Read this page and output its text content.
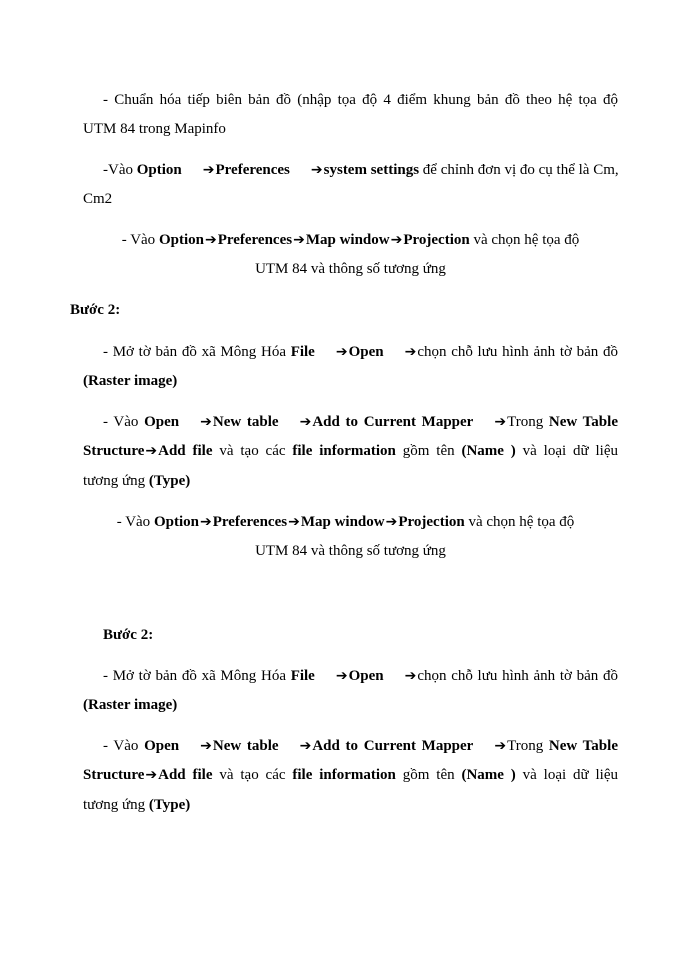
- Chuẩn hóa tiếp biên bản đồ (nhập tọa độ 4 điểm khung bản đồ theo hệ tọa độ
UTM 84 trong Mapinfo
-Vào Option ➔Preferences ➔system settings để chỉnh đơn vị đo cụ thể là Cm,
Cm2
- Vào Option➔Preferences➔Map window➔Projection và chọn hệ tọa độ
UTM 84 và thông số tương ứng
Bước 2:
- Mở tờ bản đồ xã Mông Hóa File ➔Open ➔chọn chỗ lưu hình ảnh tờ bản đồ
(Raster image)
- Vào Open ➔New table ➔Add to Current Mapper ➔Trong New Table
Structure➔Add file và tạo các file information gồm tên (Name ) và loại dữ liệu
tương ứng (Type)
- Vào Option➔Preferences➔Map window➔Projection và chọn hệ tọa độ
UTM 84 và thông số tương ứng
Bước 2:
- Mở tờ bản đồ xã Mông Hóa File ➔Open ➔chọn chỗ lưu hình ảnh tờ bản đồ
(Raster image)
- Vào Open ➔New table ➔Add to Current Mapper ➔Trong New Table
Structure➔Add file và tạo các file information gồm tên (Name ) và loại dữ liệu
tương ứng (Type)
